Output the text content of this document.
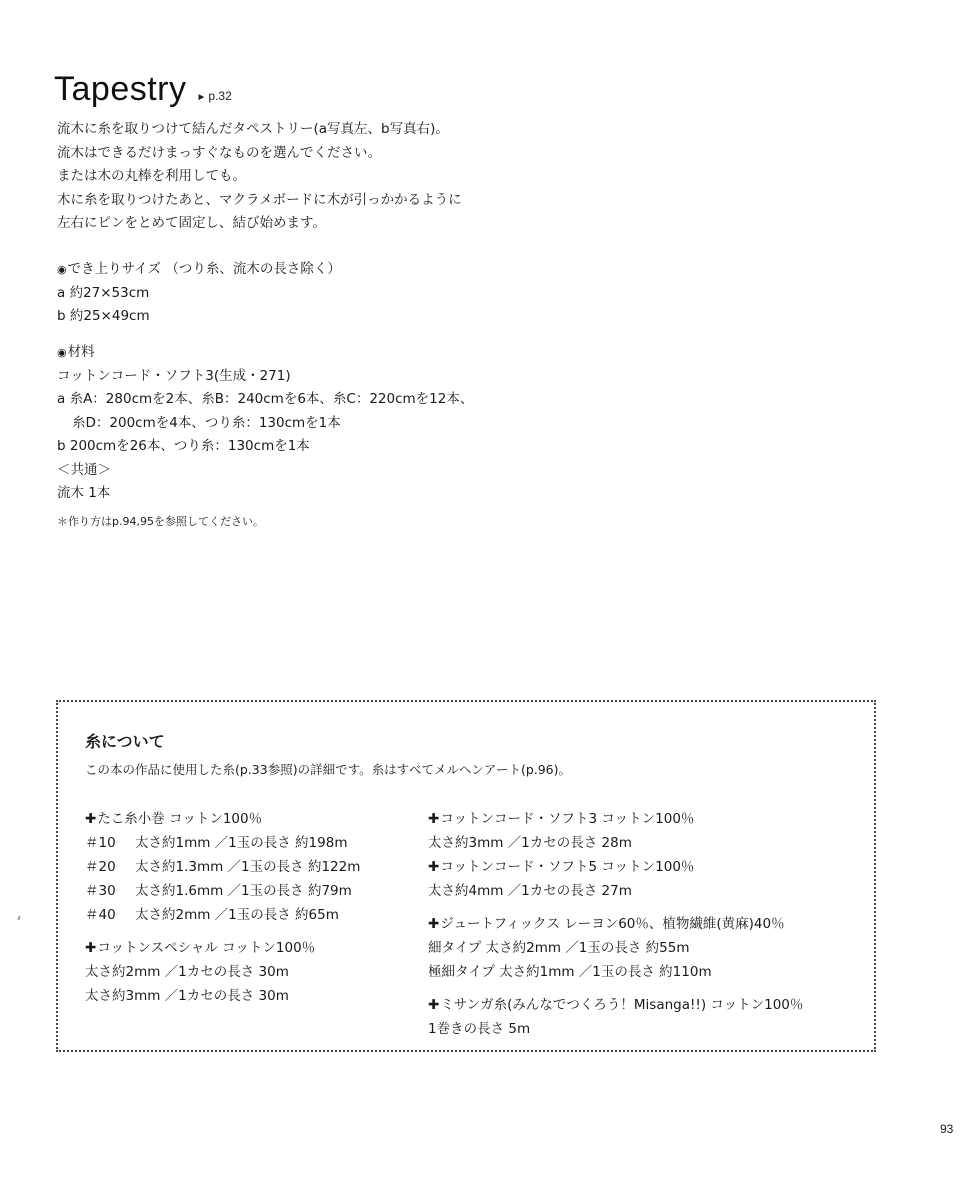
Tapestry ► p.32
流木に糸を取りつけて結んだタペストリー(a写真左、b写真右)。
流木はできるだけまっすぐなものを選んでください。
または木の丸棒を利用しても。
木に糸を取りつけたあと、マクラメボードに木が引っかかるように
左右にピンをとめて固定し、結び始めます。
◉でき上りサイズ （つり糸、流木の長さ除く）
a 約27×53cm
b 約25×49cm
◉材料
コットンコード・ソフト3(生成・271)
a 糸A：280cmを2本、糸B：240cmを6本、糸C：220cmを12本、
糸D：200cmを4本、つり糸：130cmを1本
b 200cmを26本、つり糸：130cmを1本
＜共通＞
流木 1本
＊作り方はp.94,95を参照してください。
糸について
この本の作品に使用した糸(p.33参照)の詳細です。糸はすべてメルヘンアート(p.96)。
✚たこ糸小巻 コットン100％
＃10 太さ約1mm ／1玉の長さ 約198m
＃20 太さ約1.3mm ／1玉の長さ 約122m
＃30 太さ約1.6mm ／1玉の長さ 約79m
＃40 太さ約2mm ／1玉の長さ 約65m
✚コットンスペシャル コットン100％
太さ約2mm ／1カセの長さ 30m
太さ約3mm ／1カセの長さ 30m
✚コットンコード・ソフト3 コットン100％
太さ約3mm ／1カセの長さ 28m
✚コットンコード・ソフト5 コットン100％
太さ約4mm ／1カセの長さ 27m
✚ジュートフィックス レーヨン60％、植物繊維(黄麻)40％
細タイプ 太さ約2mm ／1玉の長さ 約55m
極細タイプ 太さ約1mm ／1玉の長さ 約110m
✚ミサンガ糸(みんなでつくろう！Misanga!!) コットン100％
1巻きの長さ 5m
93
